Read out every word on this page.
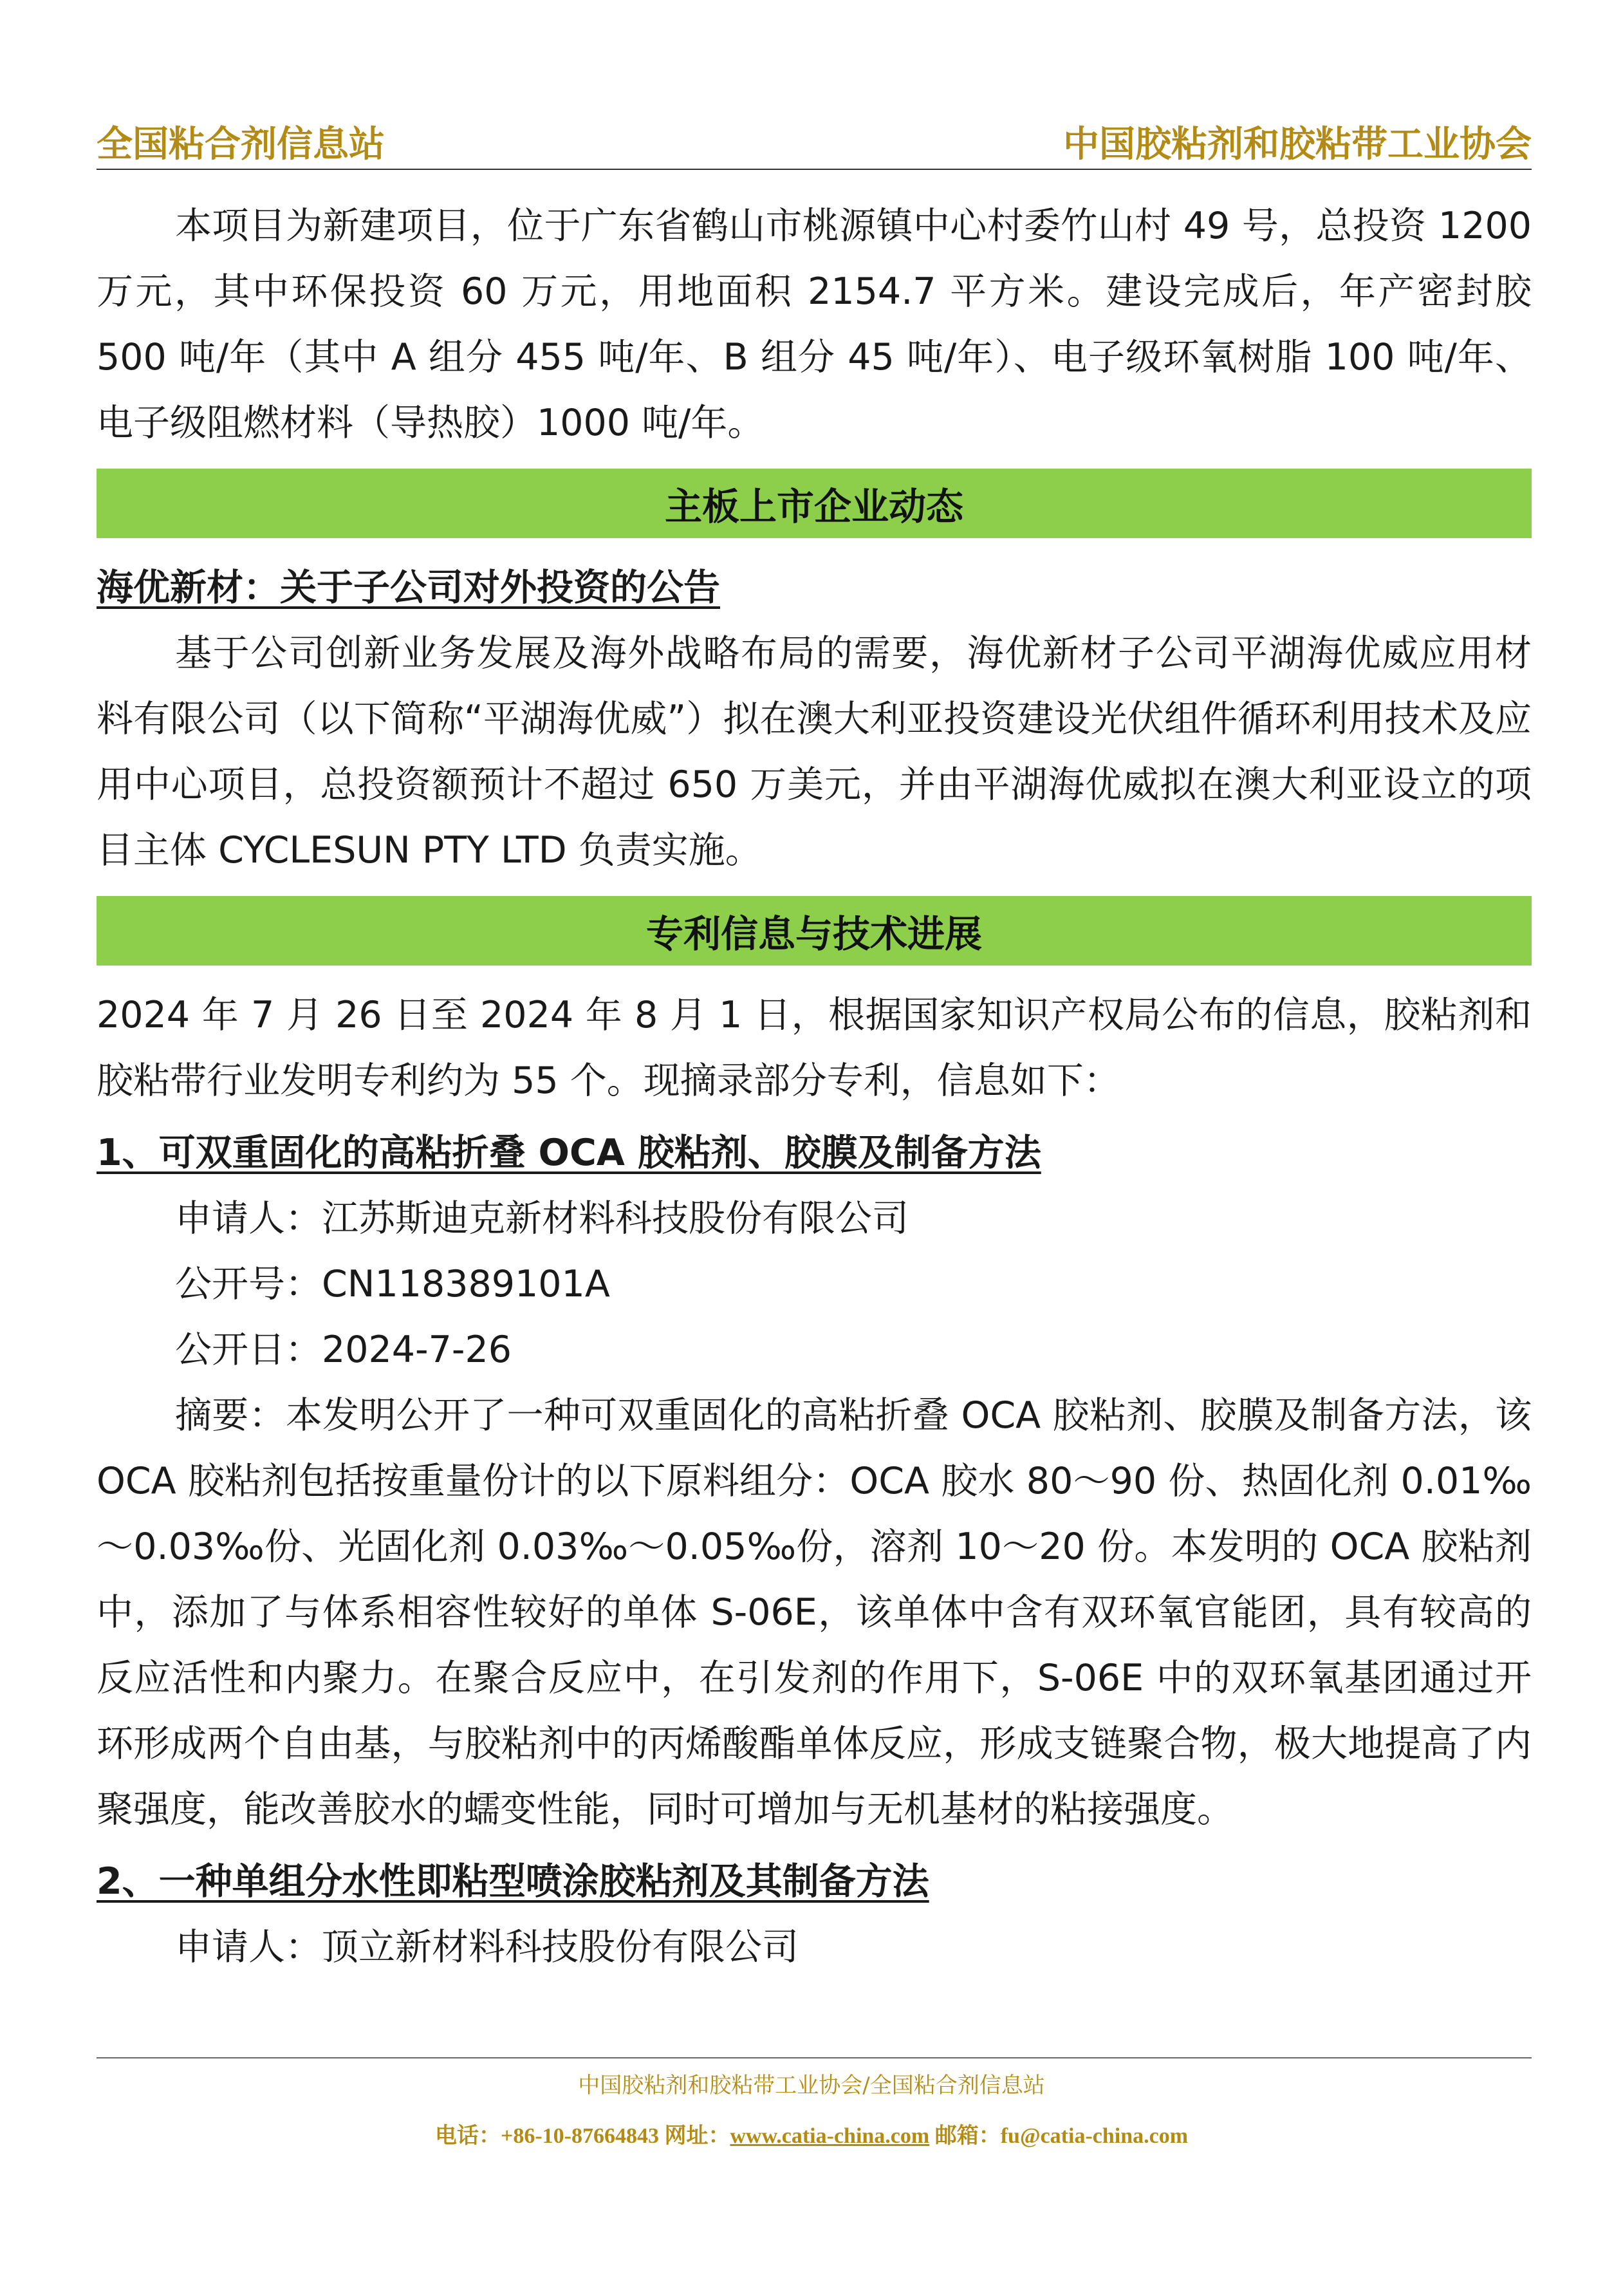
全国粘合剂信息站	中国胶粘剂和胶粘带工业协会

本项目为新建项目，位于广东省鹤山市桃源镇中心村委竹山村 49 号，总投资 1200 万元，其中环保投资 60 万元，用地面积 2154.7 平方米。建设完成后，年产密封胶 500 吨/年（其中 A 组分 455 吨/年、B 组分 45 吨/年）、电子级环氧树脂 100 吨/年、电子级阻燃材料（导热胶）1000 吨/年。

主板上市企业动态

海优新材：关于子公司对外投资的公告

基于公司创新业务发展及海外战略布局的需要，海优新材子公司平湖海优威应用材料有限公司（以下简称“平湖海优威”）拟在澳大利亚投资建设光伏组件循环利用技术及应用中心项目，总投资额预计不超过 650 万美元，并由平湖海优威拟在澳大利亚设立的项目主体 CYCLESUN PTY LTD 负责实施。

专利信息与技术进展

2024 年 7 月 26 日至 2024 年 8 月 1 日，根据国家知识产权局公布的信息，胶粘剂和胶粘带行业发明专利约为 55 个。现摘录部分专利，信息如下：

1、可双重固化的高粘折叠 OCA 胶粘剂、胶膜及制备方法

申请人：江苏斯迪克新材料科技股份有限公司

公开号：CN118389101A

公开日：2024-7-26

摘要：本发明公开了一种可双重固化的高粘折叠 OCA 胶粘剂、胶膜及制备方法，该 OCA 胶粘剂包括按重量份计的以下原料组分：OCA 胶水 80～90 份、热固化剂 0.01‰～0.03‰份、光固化剂 0.03‰～0.05‰份，溶剂 10～20 份。本发明的 OCA 胶粘剂中，添加了与体系相容性较好的单体 S-06E，该单体中含有双环氧官能团，具有较高的反应活性和内聚力。在聚合反应中，在引发剂的作用下，S-06E 中的双环氧基团通过开环形成两个自由基，与胶粘剂中的丙烯酸酯单体反应，形成支链聚合物，极大地提高了内聚强度，能改善胶水的蠕变性能，同时可增加与无机基材的粘接强度。

2、一种单组分水性即粘型喷涂胶粘剂及其制备方法

申请人：顶立新材料科技股份有限公司

中国胶粘剂和胶粘带工业协会/全国粘合剂信息站
电话：+86-10-87664843 网址：www.catia-china.com 邮箱：fu@catia-china.com
